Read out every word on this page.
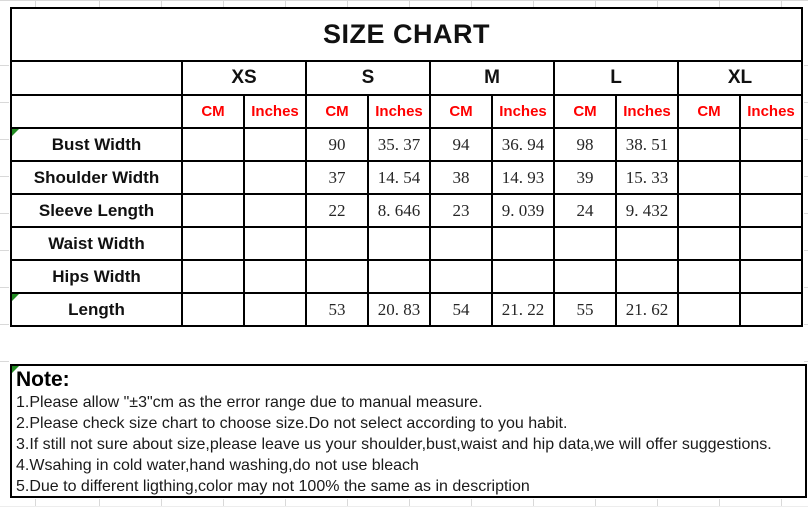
SIZE CHART										
	XS		S		M		L		XL	
	CM	Inches	CM	Inches	CM	Inches	CM	Inches	CM	Inches
Bust Width			90	35. 37	94	36. 94	98	38. 51		
Shoulder Width			37	14. 54	38	14. 93	39	15. 33		
Sleeve Length			22	8. 646	23	9. 039	24	9. 432		
Waist Width										
Hips Width										
Length			53	20. 83	54	21. 22	55	21. 62		
Note:
1.Please allow "±3"cm as the error range due to manual measure.
2.Please check size chart to choose size.Do not select according to you habit.
3.If still not sure about size,please leave us your shoulder,bust,waist and hip data,we will offer suggestions.
4.Wsahing in cold water,hand washing,do not use bleach
5.Due to different ligthing,color may not 100% the same as in description
